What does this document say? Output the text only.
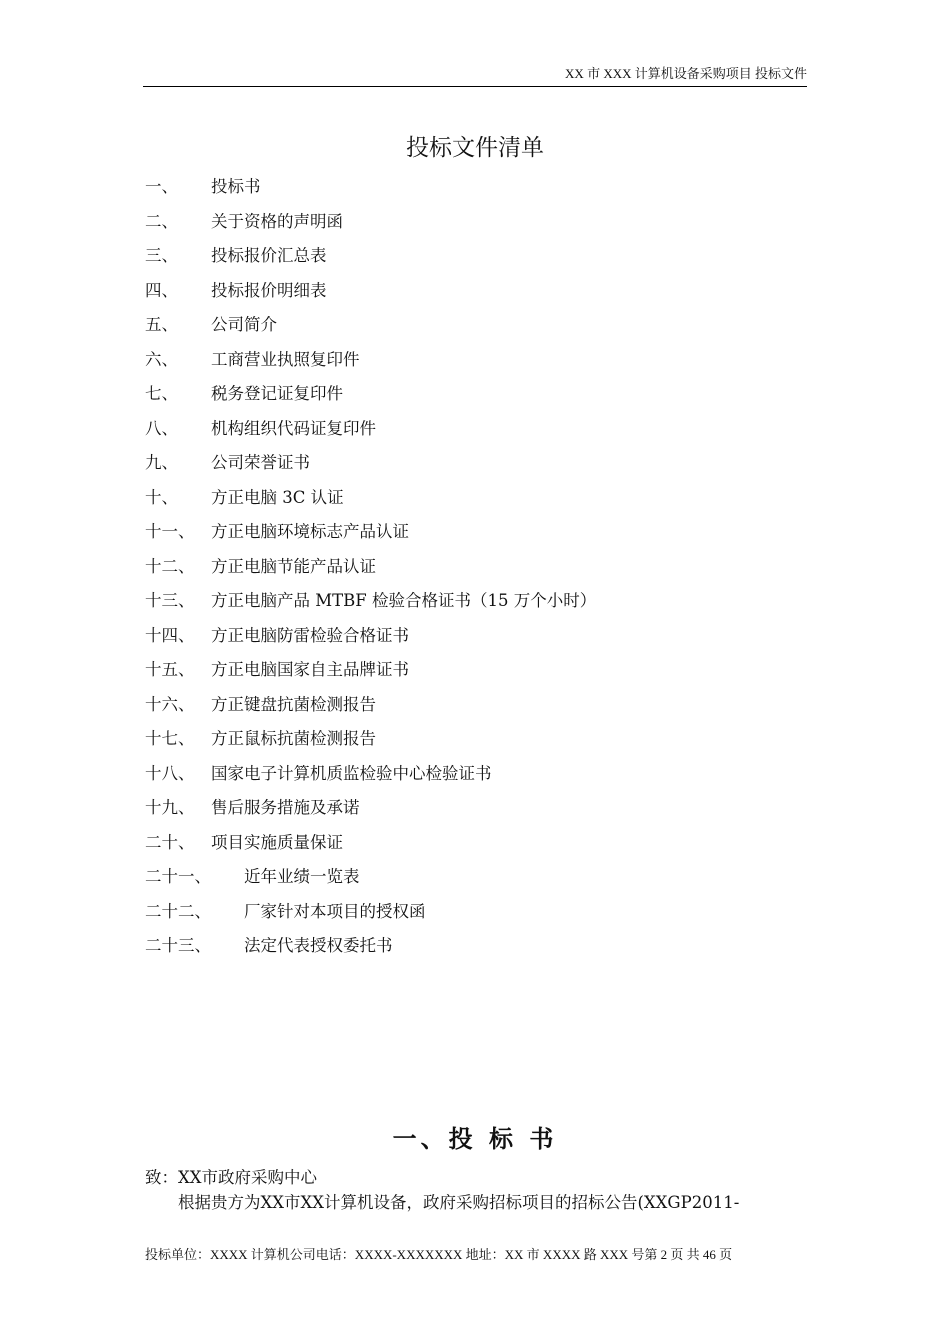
XX 市 XXX 计算机设备采购项目 投标文件
投标文件清单
一、 投标书
二、 关于资格的声明函
三、 投标报价汇总表
四、 投标报价明细表
五、 公司简介
六、 工商营业执照复印件
七、 税务登记证复印件
八、 机构组织代码证复印件
九、 公司荣誉证书
十、 方正电脑 3C 认证
十一、 方正电脑环境标志产品认证
十二、 方正电脑节能产品认证
十三、 方正电脑产品 MTBF 检验合格证书（15 万个小时）
十四、 方正电脑防雷检验合格证书
十五、 方正电脑国家自主品牌证书
十六、 方正键盘抗菌检测报告
十七、 方正鼠标抗菌检测报告
十八、 国家电子计算机质监检验中心检验证书
十九、 售后服务措施及承诺
二十、 项目实施质量保证
二十一、 近年业绩一览表
二十二、 厂家针对本项目的授权函
二十三、 法定代表授权委托书
一、投 标 书
致：XX市政府采购中心
根据贵方为XX市XX计算机设备，政府采购招标项目的招标公告(XXGP2011-
投标单位：XXXX 计算机公司电话：XXXX-XXXXXXX 地址：XX 市 XXXX 路 XXX 号第 2 页 共 46 页
